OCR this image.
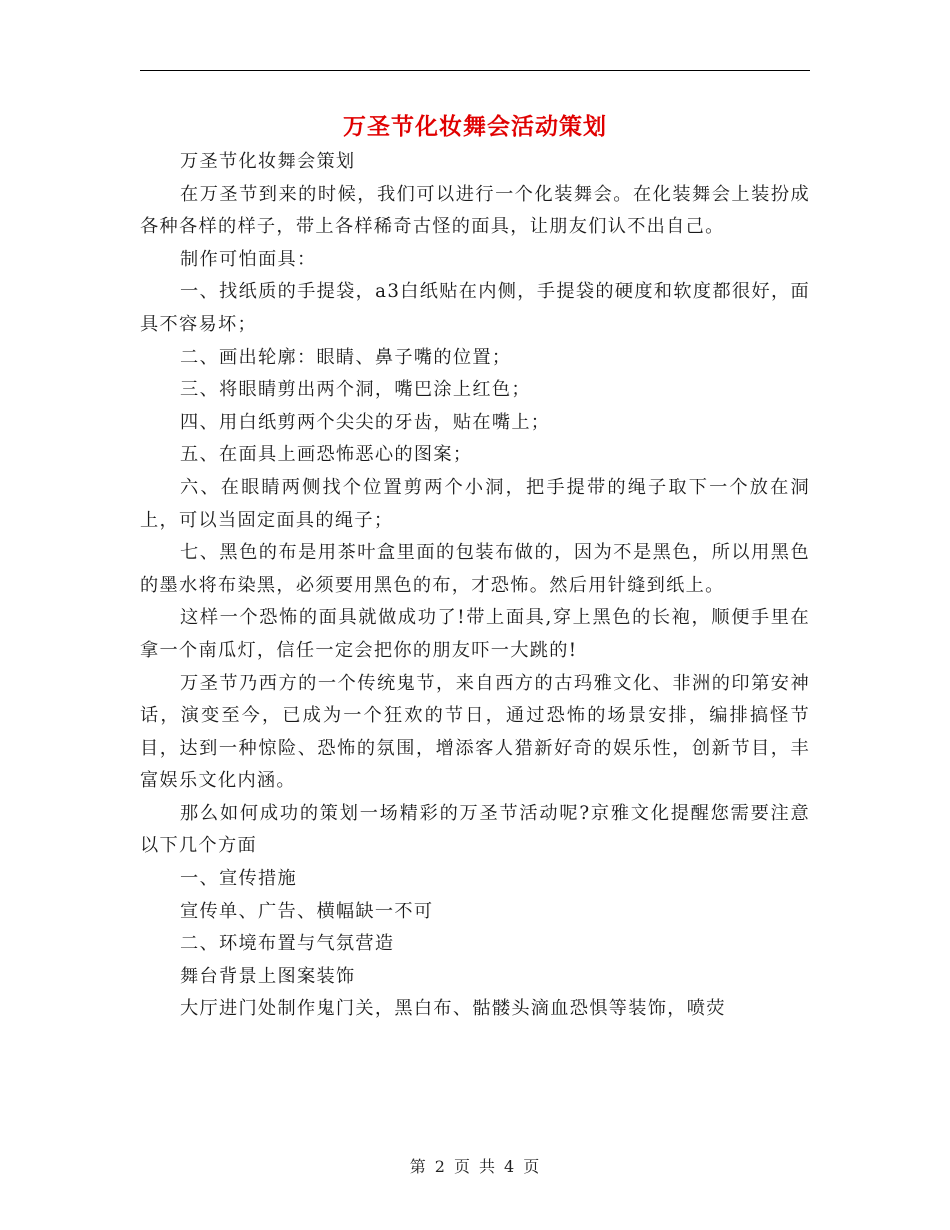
万圣节化妆舞会活动策划

万圣节化妆舞会策划

在万圣节到来的时候，我们可以进行一个化装舞会。在化装舞会上装扮成各种各样的样子，带上各样稀奇古怪的面具，让朋友们认不出自己。

制作可怕面具：

一、找纸质的手提袋，a3白纸贴在内侧，手提袋的硬度和软度都很好，面具不容易坏；

二、画出轮廓：眼睛、鼻子嘴的位置；

三、将眼睛剪出两个洞，嘴巴涂上红色；

四、用白纸剪两个尖尖的牙齿，贴在嘴上；

五、在面具上画恐怖恶心的图案；

六、在眼睛两侧找个位置剪两个小洞，把手提带的绳子取下一个放在洞上，可以当固定面具的绳子；

七、黑色的布是用茶叶盒里面的包装布做的，因为不是黑色，所以用黑色的墨水将布染黑，必须要用黑色的布，才恐怖。然后用针缝到纸上。

这样一个恐怖的面具就做成功了!带上面具,穿上黑色的长袍，顺便手里在拿一个南瓜灯，信任一定会把你的朋友吓一大跳的!

万圣节乃西方的一个传统鬼节，来自西方的古玛雅文化、非洲的印第安神话，演变至今，已成为一个狂欢的节日，通过恐怖的场景安排，编排搞怪节目，达到一种惊险、恐怖的氛围，增添客人猎新好奇的娱乐性，创新节目，丰富娱乐文化内涵。

那么如何成功的策划一场精彩的万圣节活动呢?京雅文化提醒您需要注意以下几个方面

一、宣传措施

宣传单、广告、横幅缺一不可

二、环境布置与气氛营造

舞台背景上图案装饰

大厅进门处制作鬼门关，黑白布、骷髅头滴血恐惧等装饰，喷荧

第 2 页 共 4 页
